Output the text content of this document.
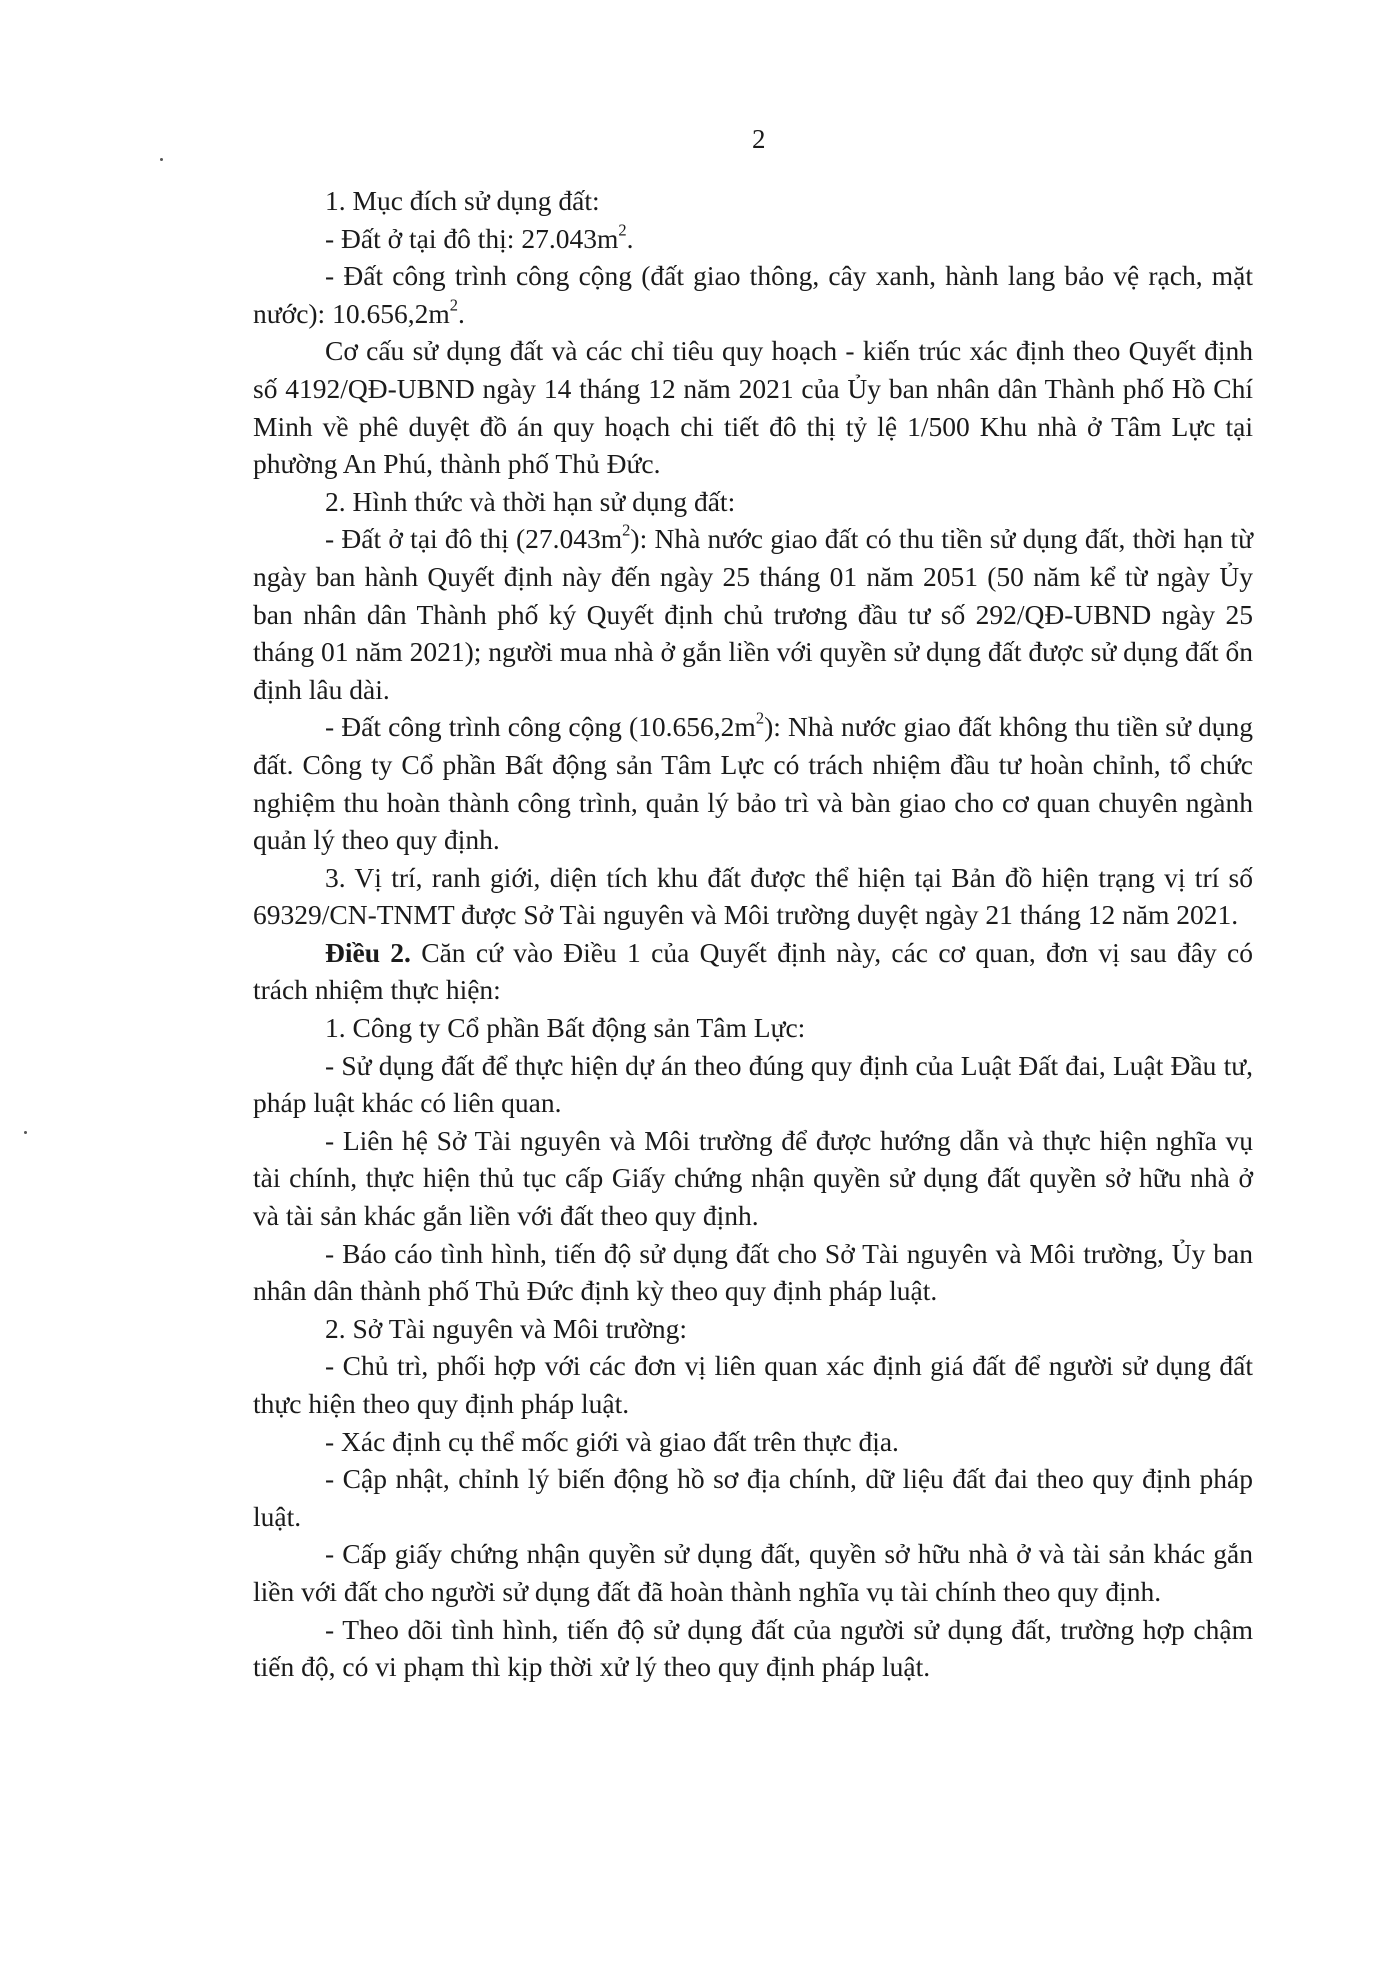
2

1. Mục đích sử dụng đất:

- Đất ở tại đô thị: $27.043m^2$.

- Đất công trình công cộng (đất giao thông, cây xanh, hành lang bảo vệ rạch, mặt nước): $10.656,2m^2$.

Cơ cấu sử dụng đất và các chỉ tiêu quy hoạch - kiến trúc xác định theo Quyết định số 4192/QĐ-UBND ngày 14 tháng 12 năm 2021 của Ủy ban nhân dân Thành phố Hồ Chí Minh về phê duyệt đồ án quy hoạch chi tiết đô thị tỷ lệ 1/500 Khu nhà ở Tâm Lực tại phường An Phú, thành phố Thủ Đức.

2. Hình thức và thời hạn sử dụng đất:

- Đất ở tại đô thị $(27.043m^2)$: Nhà nước giao đất có thu tiền sử dụng đất, thời hạn từ ngày ban hành Quyết định này đến ngày 25 tháng 01 năm 2051 (50 năm kể từ ngày Ủy ban nhân dân Thành phố ký Quyết định chủ trương đầu tư số 292/QĐ-UBND ngày 25 tháng 01 năm 2021); người mua nhà ở gắn liền với quyền sử dụng đất được sử dụng đất ổn định lâu dài.

- Đất công trình công cộng $(10.656,2m^2)$: Nhà nước giao đất không thu tiền sử dụng đất. Công ty Cổ phần Bất động sản Tâm Lực có trách nhiệm đầu tư hoàn chỉnh, tổ chức nghiệm thu hoàn thành công trình, quản lý bảo trì và bàn giao cho cơ quan chuyên ngành quản lý theo quy định.

3. Vị trí, ranh giới, diện tích khu đất được thể hiện tại Bản đồ hiện trạng vị trí số 69329/CN-TNMT được Sở Tài nguyên và Môi trường duyệt ngày 21 tháng 12 năm 2021.

Điều 2. Căn cứ vào Điều 1 của Quyết định này, các cơ quan, đơn vị sau đây có trách nhiệm thực hiện:

1. Công ty Cổ phần Bất động sản Tâm Lực:

- Sử dụng đất để thực hiện dự án theo đúng quy định của Luật Đất đai, Luật Đầu tư, pháp luật khác có liên quan.

- Liên hệ Sở Tài nguyên và Môi trường để được hướng dẫn và thực hiện nghĩa vụ tài chính, thực hiện thủ tục cấp Giấy chứng nhận quyền sử dụng đất quyền sở hữu nhà ở và tài sản khác gắn liền với đất theo quy định.

- Báo cáo tình hình, tiến độ sử dụng đất cho Sở Tài nguyên và Môi trường, Ủy ban nhân dân thành phố Thủ Đức định kỳ theo quy định pháp luật.

2. Sở Tài nguyên và Môi trường:

- Chủ trì, phối hợp với các đơn vị liên quan xác định giá đất để người sử dụng đất thực hiện theo quy định pháp luật.

- Xác định cụ thể mốc giới và giao đất trên thực địa.

- Cập nhật, chỉnh lý biến động hồ sơ địa chính, dữ liệu đất đai theo quy định pháp luật.

- Cấp giấy chứng nhận quyền sử dụng đất, quyền sở hữu nhà ở và tài sản khác gắn liền với đất cho người sử dụng đất đã hoàn thành nghĩa vụ tài chính theo quy định.

- Theo dõi tình hình, tiến độ sử dụng đất của người sử dụng đất, trường hợp chậm tiến độ, có vi phạm thì kịp thời xử lý theo quy định pháp luật.
